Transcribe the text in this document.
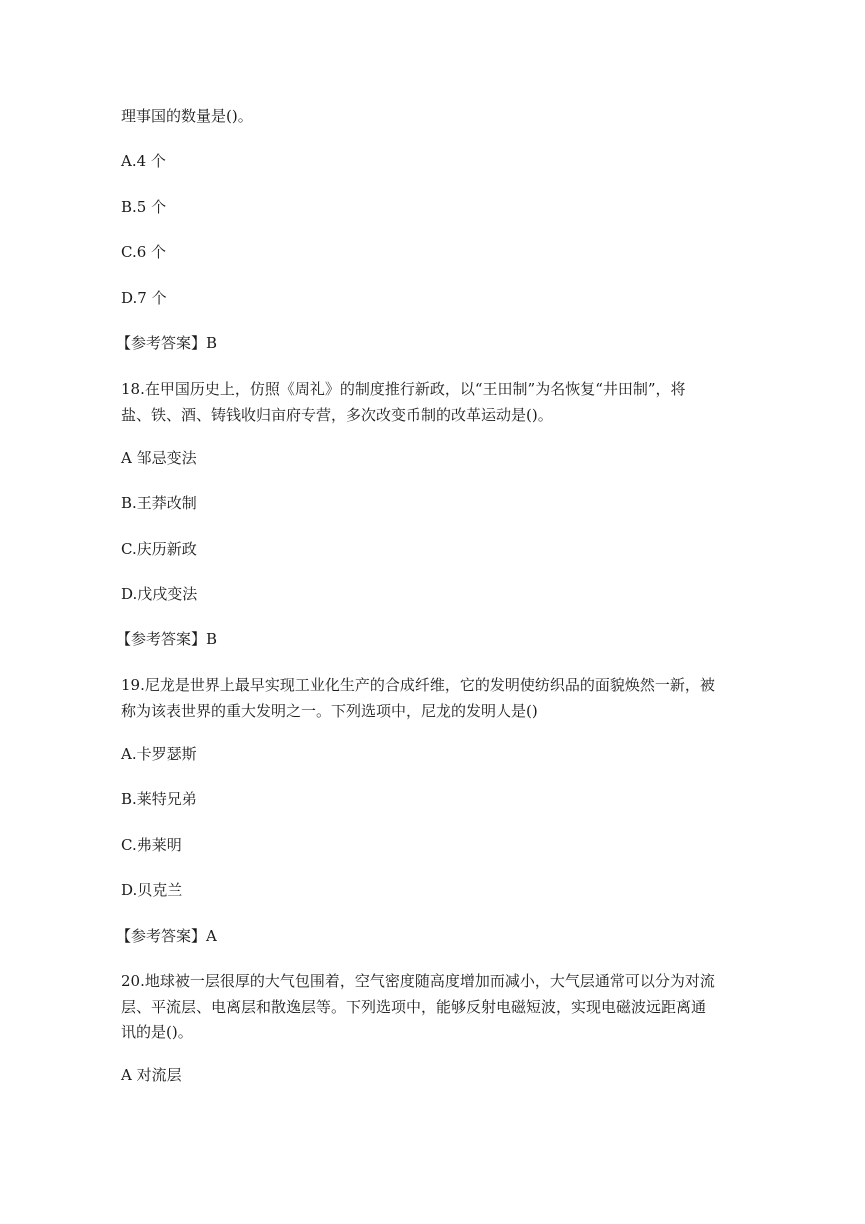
理事国的数量是()。
A.4 个
B.5 个
C.6 个
D.7 个
【参考答案】B
18.在甲国历史上，仿照《周礼》的制度推行新政，以“王田制”为名恢复“井田制”，将
盐、铁、酒、铸钱收归亩府专营，多次改变币制的改革运动是()。
A 邹忌变法
B.王莽改制
C.庆历新政
D.戊戌变法
【参考答案】B
19.尼龙是世界上最早实现工业化生产的合成纤维，它的发明使纺织品的面貌焕然一新，被
称为该表世界的重大发明之一。下列选项中，尼龙的发明人是()
A.卡罗瑟斯
B.莱特兄弟
C.弗莱明
D.贝克兰
【参考答案】A
20.地球被一层很厚的大气包围着，空气密度随高度增加而减小，大气层通常可以分为对流
层、平流层、电离层和散逸层等。下列选项中，能够反射电磁短波，实现电磁波远距离通
讯的是()。
A 对流层
